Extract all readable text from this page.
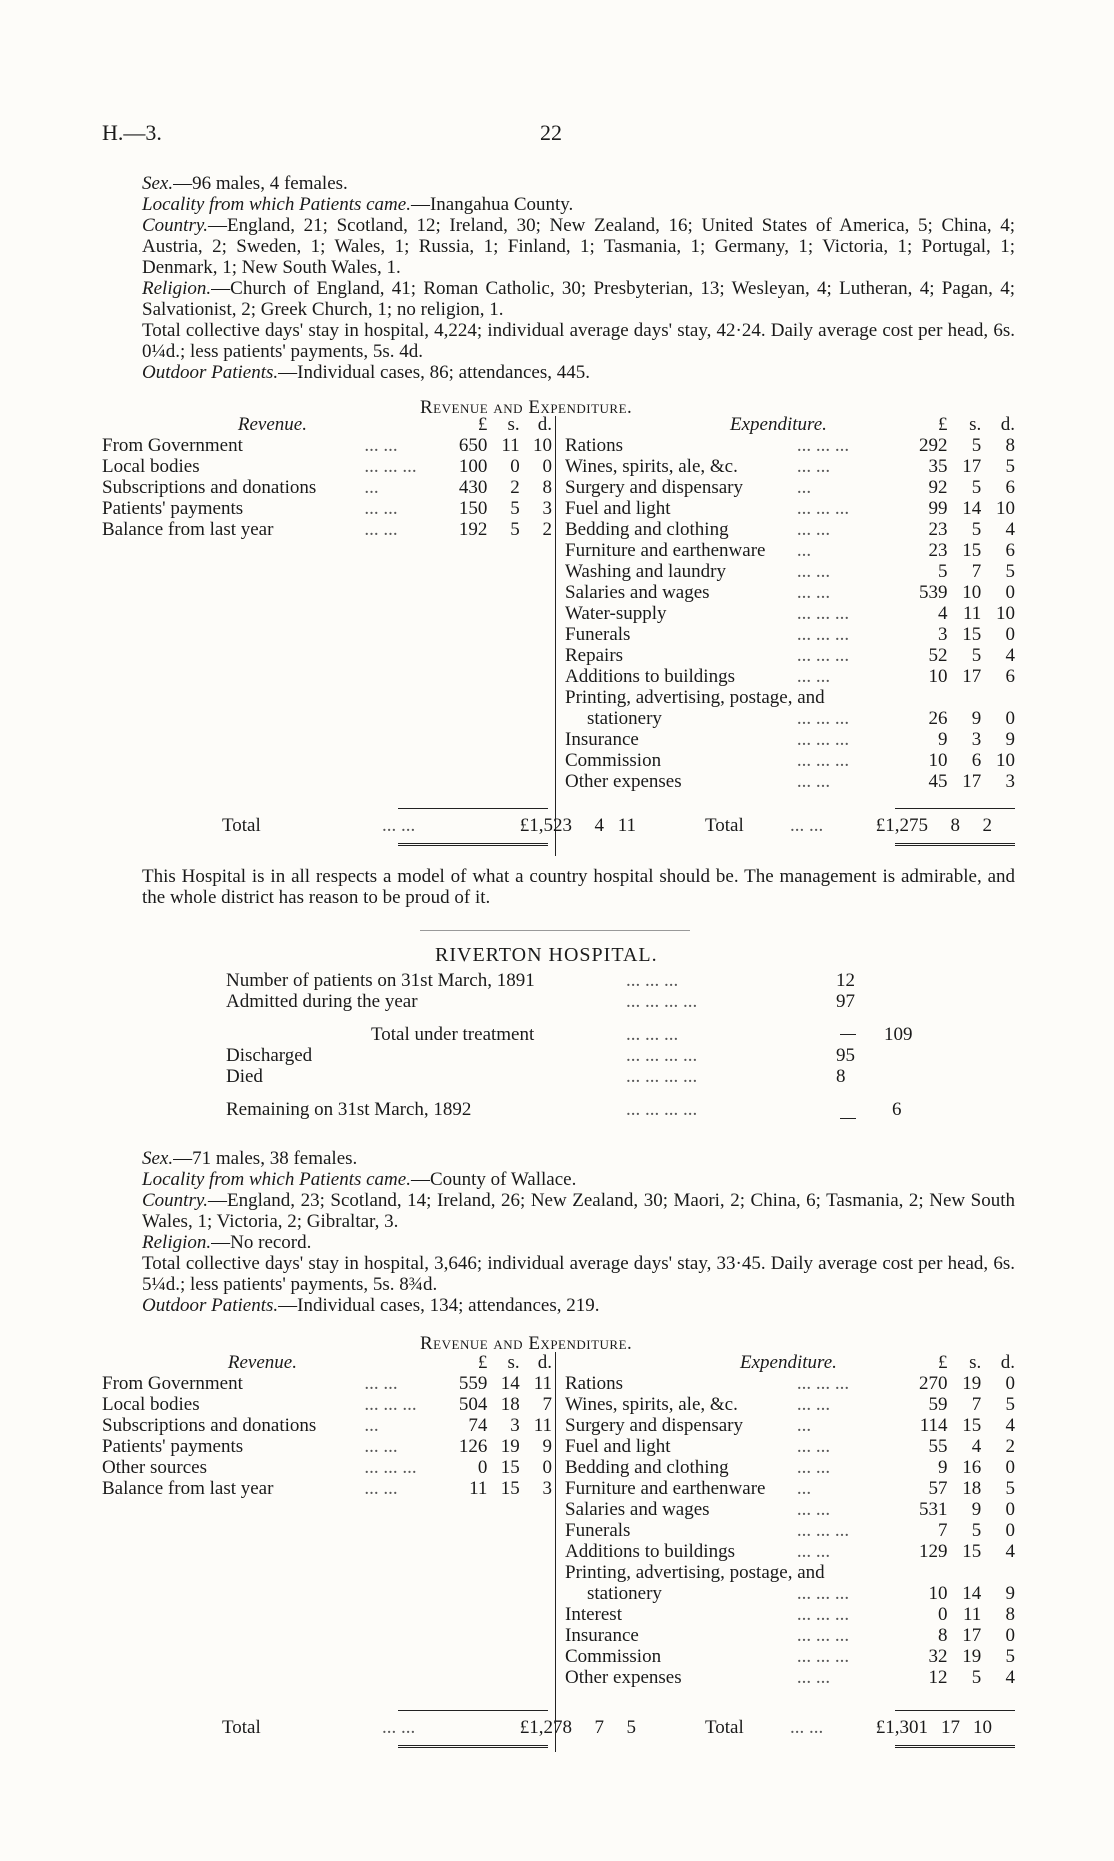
H.—3.	22

Sex.—96 males, 4 females.

Locality from which Patients came.—Inangahua County.

Country.—England, 21; Scotland, 12; Ireland, 30; New Zealand, 16; United States of America, 5; China, 4; Austria, 2; Sweden, 1; Wales, 1; Russia, 1; Finland, 1; Tasmania, 1; Germany, 1; Victoria, 1; Portugal, 1; Denmark, 1; New South Wales, 1.

Religion.—Church of England, 41; Roman Catholic, 30; Presbyterian, 13; Wesleyan, 4; Lutheran, 4; Pagan, 4; Salvationist, 2; Greek Church, 1; no religion, 1.

Total collective days' stay in hospital, 4,224; individual average days' stay, 42·24. Daily average cost per head, 6s. 0¼d.; less patients' payments, 5s. 4d.

Outdoor Patients.—Individual cases, 86; attendances, 445.

Revenue and Expenditure.
Revenue.		£	s.	d.
From Government	... ...	650	11	10
Local bodies	... ... ...	100	0	0
Subscriptions and donations	...	430	2	8
Patients' payments	... ...	150	5	3
Balance from last year	... ...	192	5	2
Expenditure.		£	s.	d.
Rations	... ... ...	292	5	8
Wines, spirits, ale, &c.	... ...	35	17	5
Surgery and dispensary	...	92	5	6
Fuel and light	... ... ...	99	14	10
Bedding and clothing	... ...	23	5	4
Furniture and earthenware	...	23	15	6
Washing and laundry	... ...	5	7	5
Salaries and wages	... ...	539	10	0
Water-supply	... ... ...	4	11	10
Funerals	... ... ...	3	15	0
Repairs	... ... ...	52	5	4
Additions to buildings	... ...	10	17	6
Printing, advertising, postage, and				
stationery	... ... ...	26	9	0
Insurance	... ... ...	9	3	9
Commission	... ... ...	10	6	10
Other expenses	... ...	45	17	3
Total	... ...	£1,523	4	11	Total	... ...	£1,275	8	2

This Hospital is in all respects a model of what a country hospital should be. The management is admirable, and the whole district has reason to be proud of it.

RIVERTON HOSPITAL.
Number of patients on 31st March, 1891	... ... ...	12	
Admitted during the year	... ... ... ...	97	

Total under treatment	... ... ...		109
Discharged	... ... ... ...	95	
Died	... ... ... ...	8	

Remaining on 31st March, 1892	... ... ... ...		6

Sex.—71 males, 38 females.

Locality from which Patients came.—County of Wallace.

Country.—England, 23; Scotland, 14; Ireland, 26; New Zealand, 30; Maori, 2; China, 6; Tasmania, 2; New South Wales, 1; Victoria, 2; Gibraltar, 3.

Religion.—No record.

Total collective days' stay in hospital, 3,646; individual average days' stay, 33·45. Daily average cost per head, 6s. 5¼d.; less patients' payments, 5s. 8¾d.

Outdoor Patients.—Individual cases, 134; attendances, 219.

Revenue and Expenditure.
Revenue.		£	s.	d.
From Government	... ...	559	14	11
Local bodies	... ... ...	504	18	7
Subscriptions and donations	...	74	3	11
Patients' payments	... ...	126	19	9
Other sources	... ... ...	0	15	0
Balance from last year	... ...	11	15	3
Expenditure.		£	s.	d.
Rations	... ... ...	270	19	0
Wines, spirits, ale, &c.	... ...	59	7	5
Surgery and dispensary	...	114	15	4
Fuel and light	... ...	55	4	2
Bedding and clothing	... ...	9	16	0
Furniture and earthenware	...	57	18	5
Salaries and wages	... ...	531	9	0
Funerals	... ... ...	7	5	0
Additions to buildings	... ...	129	15	4
Printing, advertising, postage, and				
stationery	... ... ...	10	14	9
Interest	... ... ...	0	11	8
Insurance	... ... ...	8	17	0
Commission	... ... ...	32	19	5
Other expenses	... ...	12	5	4
Total	... ...	£1,278	7	5	Total	... ...	£1,301	17	10
